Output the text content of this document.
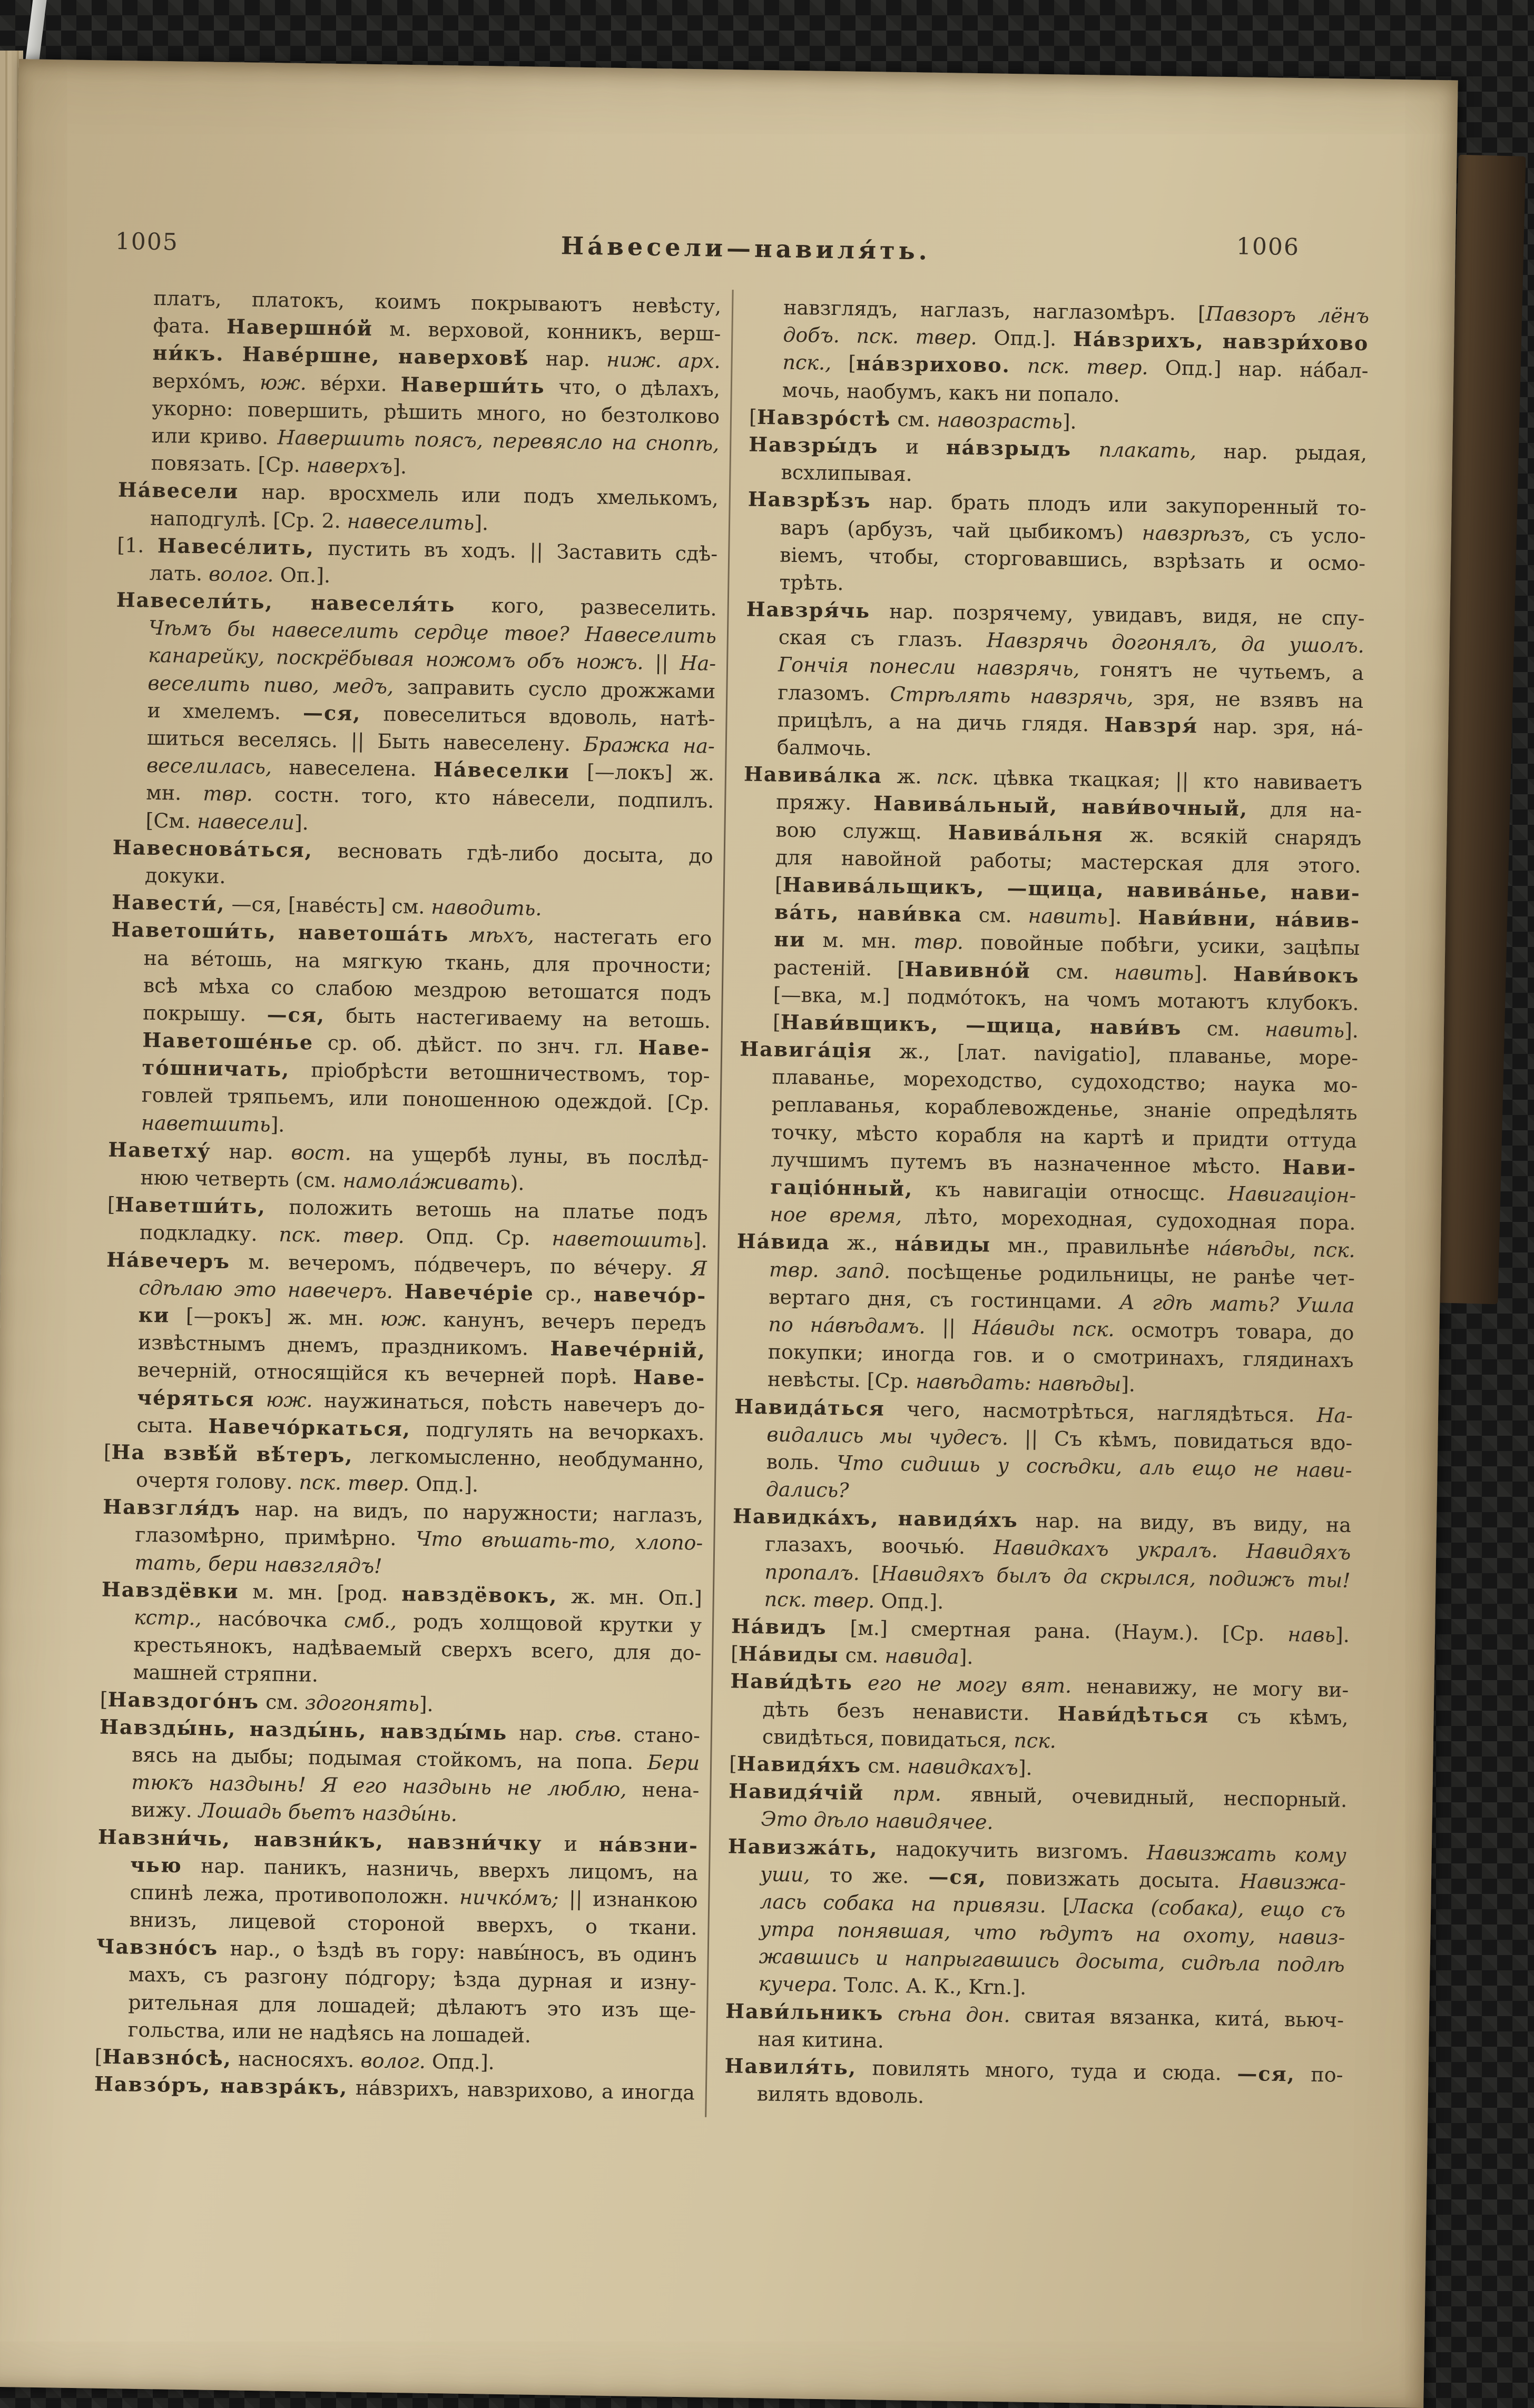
1005	Нáвесели—навиля́ть.	1006
платъ, платокъ, коимъ покрываютъ невѣсту,
фата. Навершнóй м. верховой, конникъ, верш-
ни́къ. Навéршне, наверховѣ́ нар. ниж. арх.
верхóмъ, юж. вéрхи. Наверши́ть что, о дѣлахъ,
укорно: повершить, рѣшить много, но безтолково
или криво. Навершить поясъ, перевясло на снопѣ,
повязать. [Ср. наверхъ].
Нáвесели нар. вросхмель или подъ хмелькомъ,
наподгулѣ. [Ср. 2. навеселить].
[1. Навесéлить, пустить въ ходъ. || Заставить сдѣ-
лать. волог. Оп.].
Навесели́ть, навеселя́ть кого, развеселить.
Чѣмъ бы навеселить сердце твое? Навеселить
канарейку, поскрёбывая ножомъ объ ножъ. || На-
веселить пиво, медъ, заправить сусло дрожжами
и хмелемъ. —ся, повеселиться вдоволь, натѣ-
шиться веселясь. || Быть навеселену. Бражка на-
веселилась, навеселена. Нáвеселки [—локъ] ж.
мн. твр. состн. того, кто нáвесели, подпилъ.
[См. навесели].
Навесновáться, весновать гдѣ-либо досыта, до
докуки.
Навести́, —ся, [навéсть] см. наводить.
Наветоши́ть, наветошáть мѣхъ, настегать его
на вéтошь, на мягкую ткань, для прочности;
всѣ мѣха со слабою мездрою ветошатся подъ
покрышу. —ся, быть настегиваему на ветошь.
Наветошéнье ср. об. дѣйст. по знч. гл. Наве-
тóшничать, пріобрѣсти ветошничествомъ, тор-
говлей тряпьемъ, или поношенною одеждой. [Ср.
наветшить].
Наветху́ нар. вост. на ущербѣ луны, въ послѣд-
нюю четверть (см. намолáживать).
[Наветши́ть, положить ветошь на платье подъ
подкладку. пск. твер. Опд. Ср. наветошить].
Нáвечеръ м. вечеромъ, пóдвечеръ, по вéчеру. Я
сдѣлаю это навечеръ. Навечéріе ср., навечóр-
ки [—рокъ] ж. мн. юж. канунъ, вечеръ передъ
извѣстнымъ днемъ, праздникомъ. Навечéрній,
вечерній, относящійся къ вечерней порѣ. Наве-
чéряться юж. наужинаться, поѣсть навечеръ до-
сыта. Навечóркаться, подгулять на вечоркахъ.
[На взвѣ́й вѣ́теръ, легкомысленно, необдуманно,
очертя голову. пск. твер. Опд.].
Навзгля́дъ нар. на видъ, по наружности; наглазъ,
глазомѣрно, примѣрно. Что вѣшать-то, хлопо-
тать, бери навзглядъ!
Навздёвки м. мн. [род. навздёвокъ, ж. мн. Оп.]
кстр., насóвочка смб., родъ холщовой крутки у
крестьянокъ, надѣваемый сверхъ всего, для до-
машней стряпни.
[Навздогóнъ см. здогонять].
Навзды́нь, назды́нь, навзды́мь нар. сѣв. стано-
вясь на дыбы; подымая стойкомъ, на попа. Бери
тюкъ наздынь! Я его наздынь не люблю, нена-
вижу. Лошадь бьетъ назды́нь.
Навзни́чь, навзни́къ, навзни́чку и нáвзни-
чью нар. паникъ, назничь, вверхъ лицомъ, на
спинѣ лежа, противоположн. ничкóмъ; || изнанкою
внизъ, лицевой стороной вверхъ, о ткани.
Чавзнóсъ нар., о ѣздѣ въ гору: навы́носъ, въ одинъ
махъ, съ разгону пóдгору; ѣзда дурная и изну-
рительная для лошадей; дѣлаютъ это изъ ще-
гольства, или не надѣясь на лошадей.
[Навзнóсѣ, насносяхъ. волог. Опд.].
Навзóръ, навзрáкъ, нáвзрихъ, навзрихово, а иногда
навзглядъ, наглазъ, наглазомѣръ. [Павзоръ лёнъ
добъ. пск. твер. Опд.]. Нáвзрихъ, навзри́хово
пск., [нáвзрихово. пск. твер. Опд.] нар. нáбал-
мочь, наобумъ, какъ ни попало.
[Навзрóстѣ см. навозрасть].
Навзры́дъ и нáвзрыдъ плакать, нар. рыдая,
всхлипывая.
Навзрѣ́зъ нар. брать плодъ или закупоренный то-
варъ (арбузъ, чай цыбикомъ) навзрѣзъ, съ усло-
віемъ, чтобы, сторговавшись, взрѣзать и осмо-
трѣть.
Навзря́чь нар. позрячему, увидавъ, видя, не спу-
ская съ глазъ. Навзрячь догонялъ, да ушолъ.
Гончія понесли навзрячь, гонятъ не чутьемъ, а
глазомъ. Стрѣлять навзрячь, зря, не взявъ на
прицѣлъ, а на дичь глядя. Навзря́ нар. зря, нá-
балмочь.
Навивáлка ж. пск. цѣвка ткацкая; || кто навиваетъ
пряжу. Навивáльный, нави́вочный, для на-
вою служщ. Навивáльня ж. всякій снарядъ
для навойной работы; мастерская для этого.
[Навивáльщикъ, —щица, навивáнье, нави-
вáть, нави́вка см. навить]. Нави́вни, нáвив-
ни м. мн. твр. повойные побѣги, усики, зацѣпы
растеній. [Навивнóй см. навить]. Нави́вокъ
[—вка, м.] подмóтокъ, на чомъ мотаютъ клубокъ.
[Нави́вщикъ, —щица, нави́въ см. навить].
Навигáція ж., [лат. navigatio], плаванье, море-
плаванье, мореходство, судоходство; наука мо-
реплаванья, кораблевожденье, знаніе опредѣлять
точку, мѣсто корабля на картѣ и придти оттуда
лучшимъ путемъ въ назначенное мѣсто. Нави-
гаціóнный, къ навигаціи относщс. Навигаціон-
ное время, лѣто, мореходная, судоходная пора.
Нáвида ж., нáвиды мн., правильнѣе нáвѣды, пск.
твр. запд. посѣщенье родильницы, не ранѣе чет-
вертаго дня, съ гостинцами. А гдѣ мать? Ушла
по нáвѣдамъ. || Нáвиды пск. осмотръ товара, до
покупки; иногда гов. и о смотринахъ, глядинахъ
невѣсты. [Ср. навѣдать: навѣды].
Навидáться чего, насмотрѣться, наглядѣться. На-
видались мы чудесъ. || Съ кѣмъ, повидаться вдо-
воль. Что сидишь у сосѣдки, аль ещо не нави-
дались?
Навидкáхъ, навидя́хъ нар. на виду, въ виду, на
глазахъ, воочью́. Навидкахъ укралъ. Навидяхъ
пропалъ. [Навидяхъ былъ да скрылся, подижъ ты!
пск. твер. Опд.].
Нáвидъ [м.] смертная рана. (Наум.). [Ср. навь].
[Нáвиды см. навида].
Нави́дѣть его не могу вят. ненавижу, не могу ви-
дѣть безъ ненависти. Нави́дѣться съ кѣмъ,
свидѣться, повидаться, пск.
[Навидя́хъ см. навидкахъ].
Навидя́чій прм. явный, очевидный, неспорный.
Это дѣло навидячее.
Навизжáть, надокучить визгомъ. Навизжать кому
уши, то же. —ся, повизжать досыта. Навизжа-
лась собака на привязи. [Ласка (собака), ещо съ
утра понявшая, что ѣдутъ на охоту, навиз-
жавшись и напрыгавшись досыта, сидѣла подлѣ
кучера. Толс. А. К., Krn.].
Нави́льникъ сѣна дон. свитая вязанка, китá, вьюч-
ная китина.
Навиля́ть, повилять много, туда и сюда. —ся, по-
вилять вдоволь.
